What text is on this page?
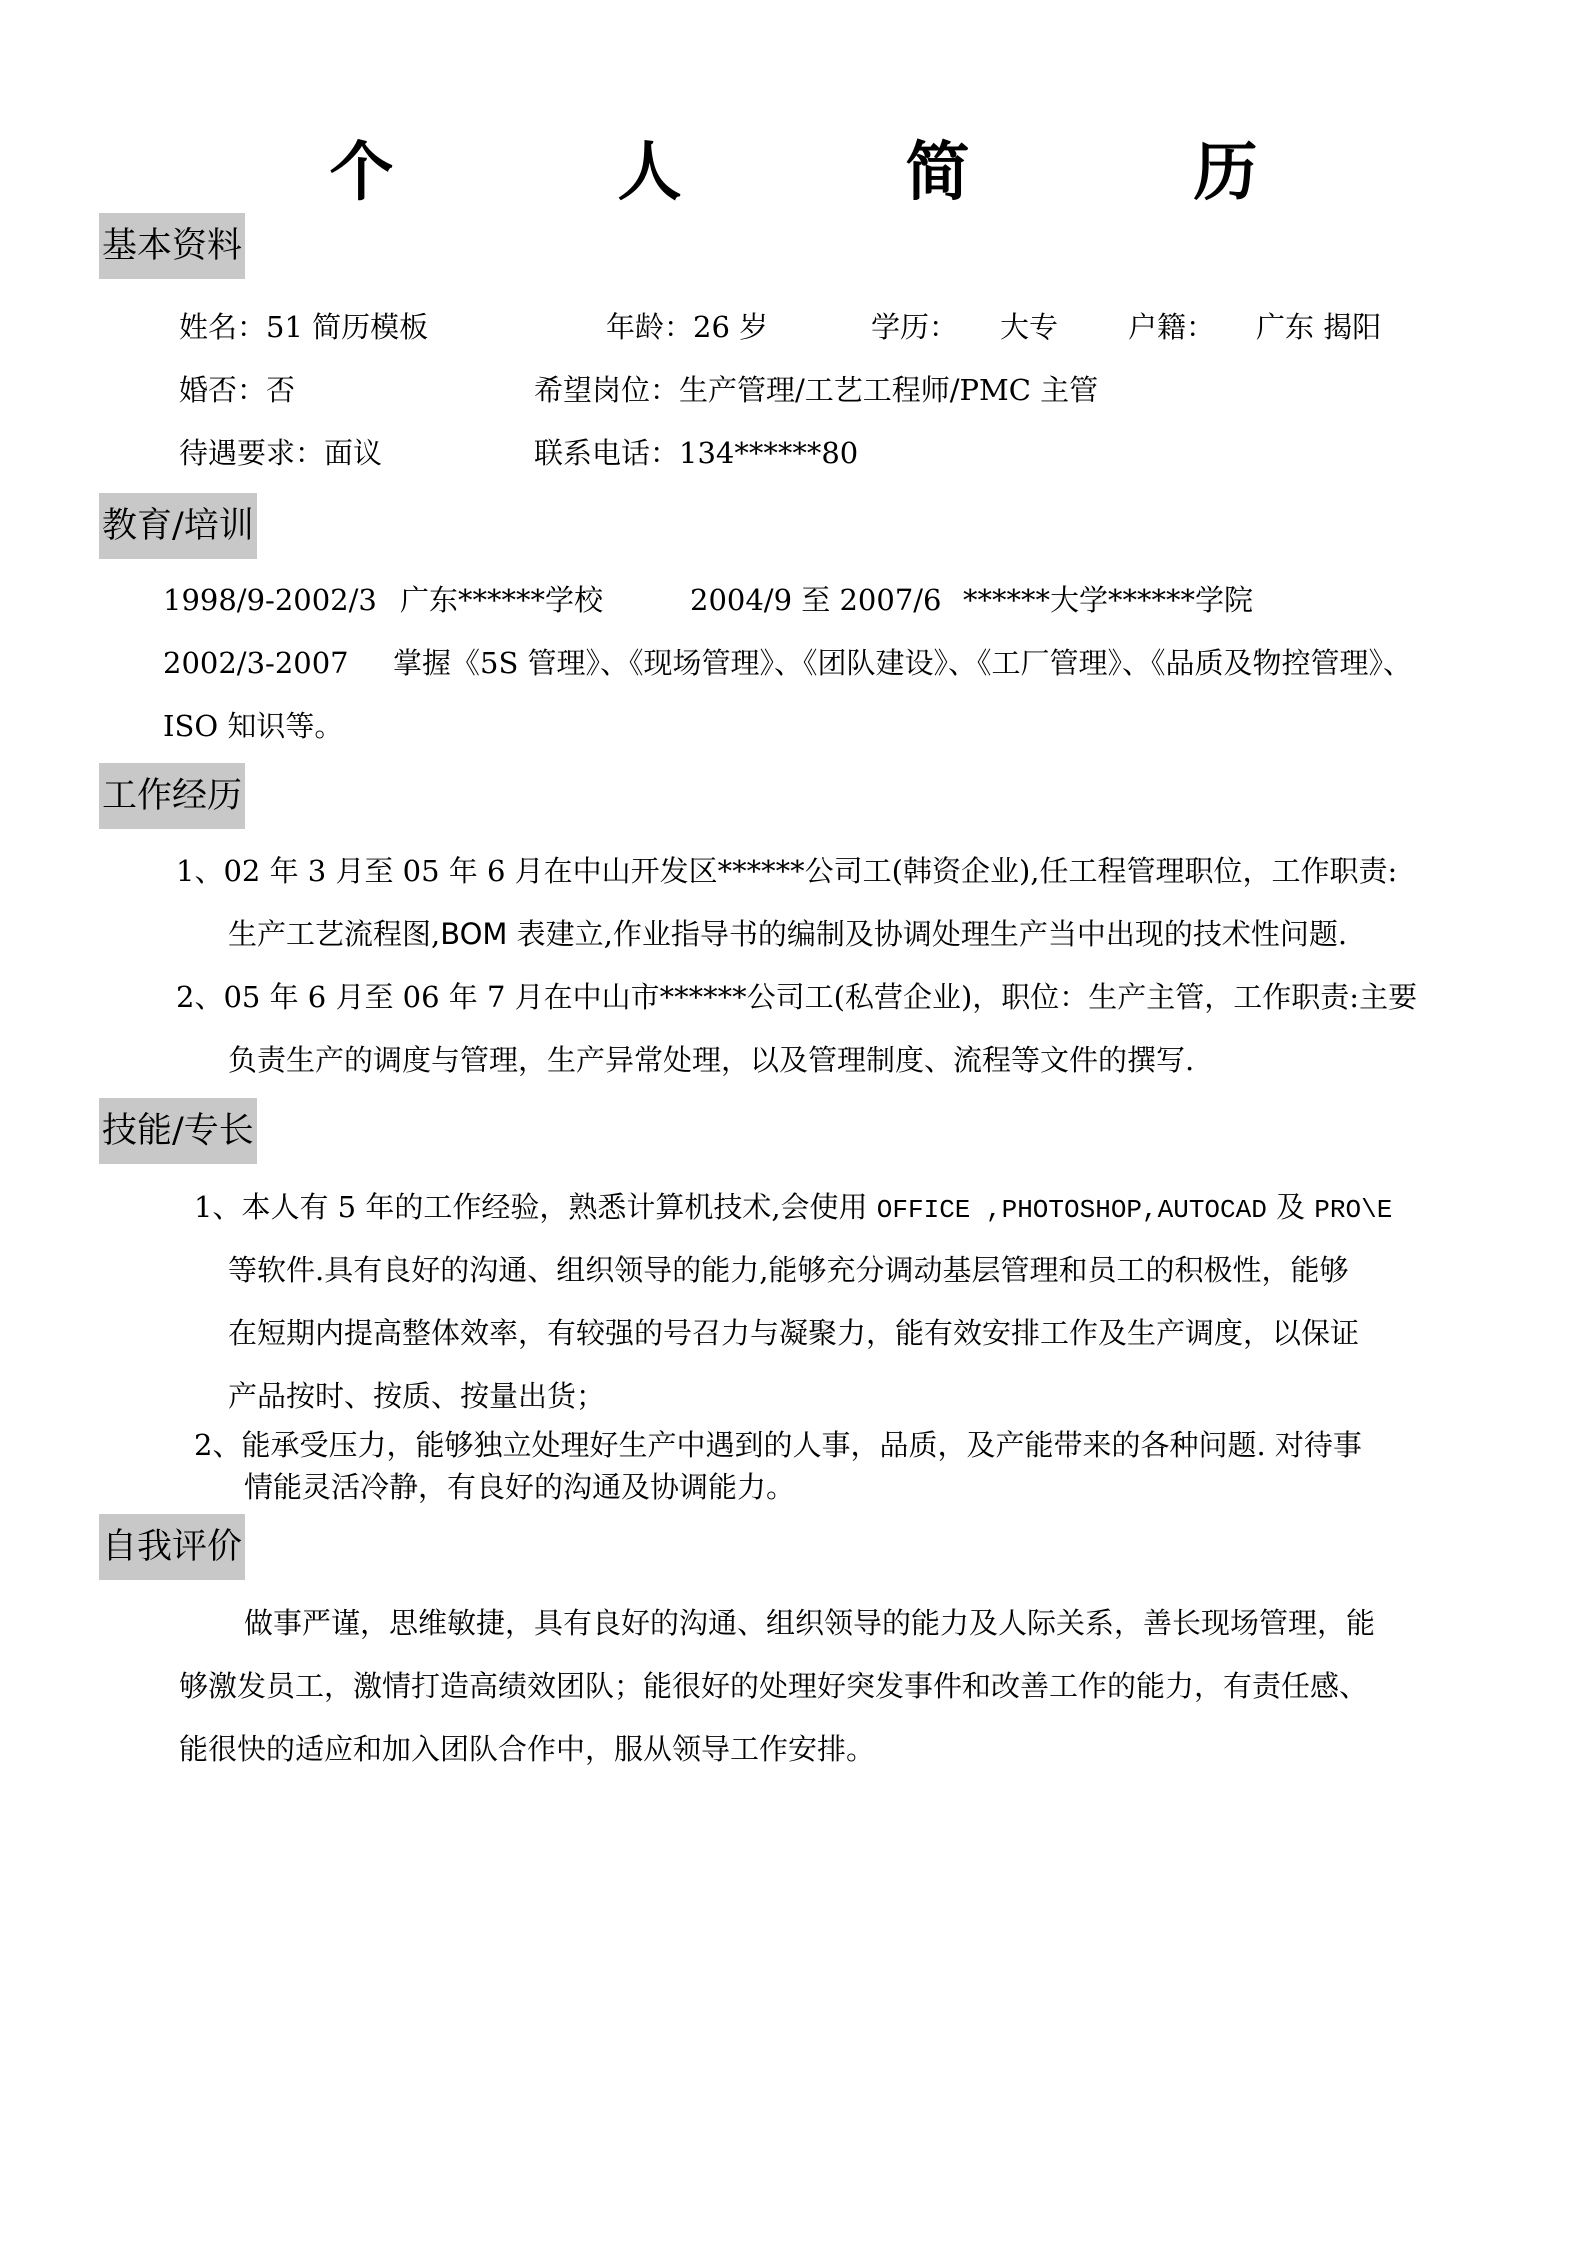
个　人　简　历
基本资料
姓名：51 简历模板	年龄：26 岁	学历： 大专 户籍： 广东 揭阳
婚否：否	希望岗位：生产管理/工艺工程师/PMC 主管
待遇要求：面议	联系电话：134******80
教育/培训
1998/9-2002/3 广东******学校	2004/9 至 2007/6 ******大学******学院
2002/3-2007 掌握《5S 管理》、《现场管理》、《团队建设》、《工厂管理》、《品质及物控管理》、
ISO 知识等。
工作经历
1、02 年 3 月至 05 年 6 月在中山开发区******公司工(韩资企业),任工程管理职位，工作职责:
生产工艺流程图,BOM 表建立,作业指导书的编制及协调处理生产当中出现的技术性问题.
2、05 年 6 月至 06 年 7 月在中山市******公司工(私营企业)，职位：生产主管，工作职责:主要
负责生产的调度与管理，生产异常处理，以及管理制度、流程等文件的撰写.
技能/专长
1、本人有 5 年的工作经验，熟悉计算机技术,会使用 OFFICE ,PHOTOSHOP,AUTOCAD 及 PRO\E
等软件.具有良好的沟通、组织领导的能力,能够充分调动基层管理和员工的积极性，能够
在短期内提高整体效率，有较强的号召力与凝聚力，能有效安排工作及生产调度，以保证
产品按时、按质、按量出货；
2、能承受压力，能够独立处理好生产中遇到的人事，品质，及产能带来的各种问题. 对待事
情能灵活冷静，有良好的沟通及协调能力。
自我评价
做事严谨，思维敏捷，具有良好的沟通、组织领导的能力及人际关系，善长现场管理，能
够激发员工，激情打造高绩效团队；能很好的处理好突发事件和改善工作的能力，有责任感、
能很快的适应和加入团队合作中，服从领导工作安排。
